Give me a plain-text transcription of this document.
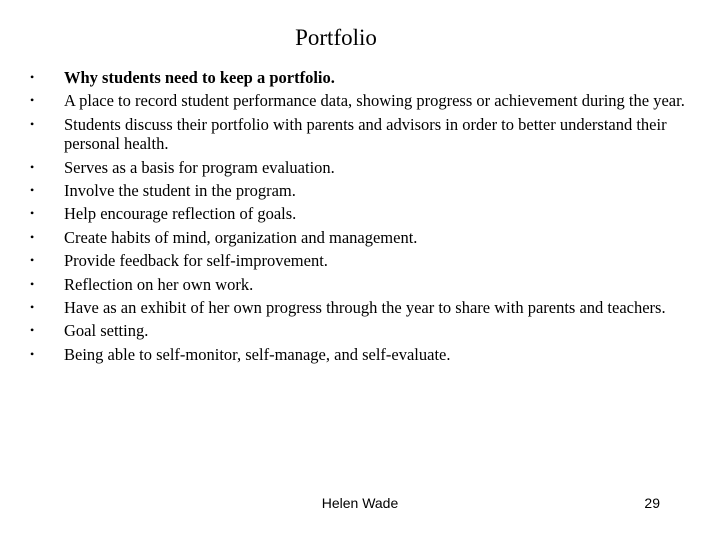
Portfolio
•	Why students need to keep a portfolio.
•	A place to record student performance data, showing progress or achievement during the year.
•	Students discuss their portfolio with parents and advisors in order to better understand their personal health.
•	Serves as a basis for program evaluation.
•	Involve the student in the program.
•	Help encourage reflection of goals.
•	Create habits of mind, organization and management.
•	Provide feedback for self-improvement.
•	Reflection on her own work.
•	Have as an exhibit of her own progress through the year to share with parents and teachers.
•	Goal setting.
•	Being able to self-monitor, self-manage, and self-evaluate.
Helen Wade	29
